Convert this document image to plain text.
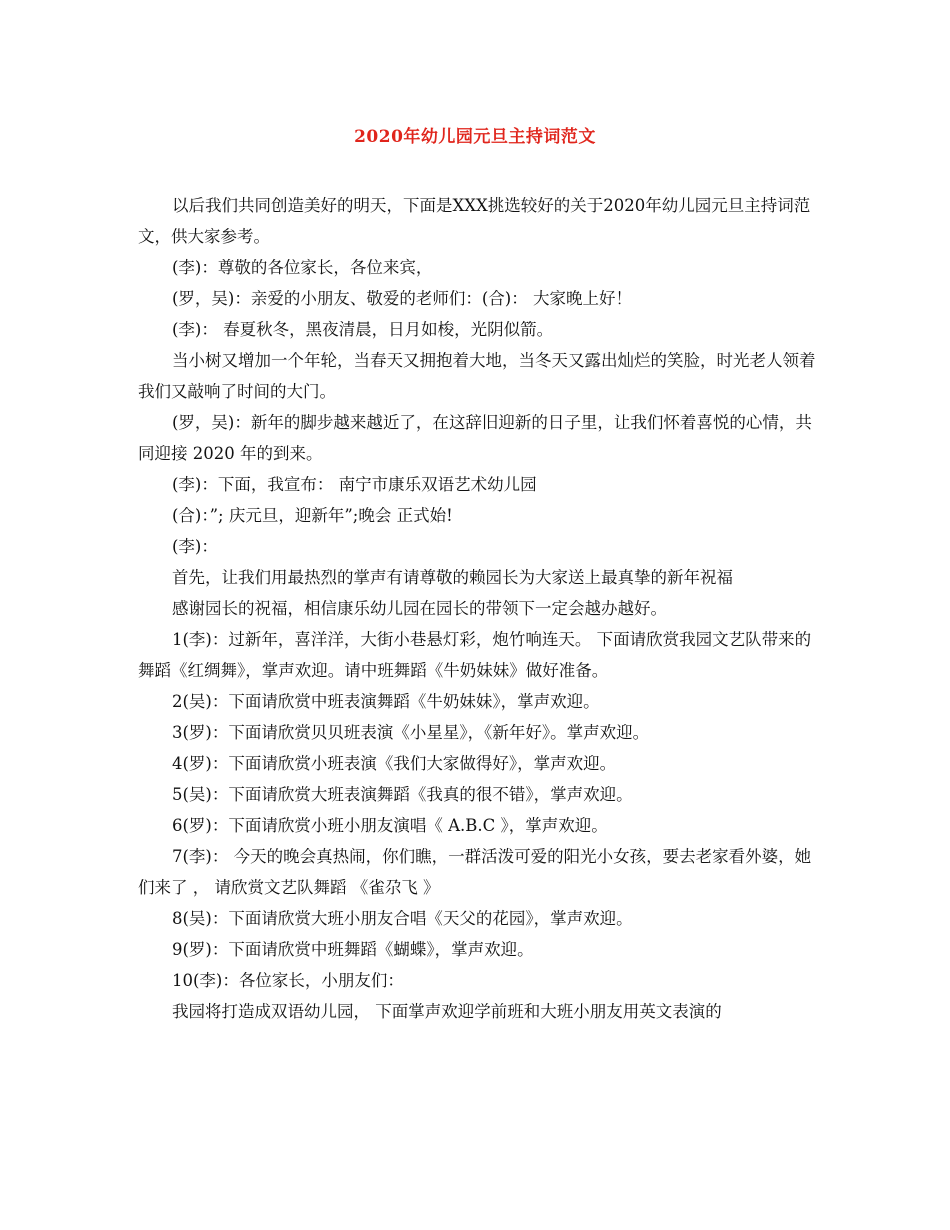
2020年幼儿园元旦主持词范文

以后我们共同创造美好的明天，下面是XXX挑选较好的关于2020年幼儿园元旦主持词范文，供大家参考。

(李)：尊敬的各位家长，各位来宾，

(罗，吴)：亲爱的小朋友、敬爱的老师们：(合)： 大家晚上好！

(李)： 春夏秋冬，黑夜清晨，日月如梭，光阴似箭。

当小树又增加一个年轮，当春天又拥抱着大地，当冬天又露出灿烂的笑脸，时光老人领着我们又敲响了时间的大门。

(罗，吴)：新年的脚步越来越近了，在这辞旧迎新的日子里，让我们怀着喜悦的心情，共同迎接 2020 年的到来。

(李)：下面，我宣布： 南宁市康乐双语艺术幼儿园

(合)：”; 庆元旦，迎新年”;晚会 正式始!

(李)：

首先，让我们用最热烈的掌声有请尊敬的赖园长为大家送上最真挚的新年祝福

感谢园长的祝福，相信康乐幼儿园在园长的带领下一定会越办越好。

1(李)：过新年，喜洋洋，大街小巷悬灯彩，炮竹响连天。 下面请欣赏我园文艺队带来的舞蹈《红绸舞》，掌声欢迎。请中班舞蹈《牛奶妹妹》做好准备。

2(吴)：下面请欣赏中班表演舞蹈《牛奶妹妹》，掌声欢迎。

3(罗)：下面请欣赏贝贝班表演《小星星》，《新年好》。掌声欢迎。

4(罗)：下面请欣赏小班表演《我们大家做得好》，掌声欢迎。

5(吴)：下面请欣赏大班表演舞蹈《我真的很不错》，掌声欢迎。

6(罗)：下面请欣赏小班小朋友演唱《 A.B.C 》，掌声欢迎。

7(李)： 今天的晚会真热闹，你们瞧，一群活泼可爱的阳光小女孩，要去老家看外婆，她们来了 ， 请欣赏文艺队舞蹈 《雀尕飞 》

8(吴)：下面请欣赏大班小朋友合唱《天父的花园》，掌声欢迎。

9(罗)：下面请欣赏中班舞蹈《蝴蝶》，掌声欢迎。

10(李)：各位家长，小朋友们：

我园将打造成双语幼儿园， 下面掌声欢迎学前班和大班小朋友用英文表演的
